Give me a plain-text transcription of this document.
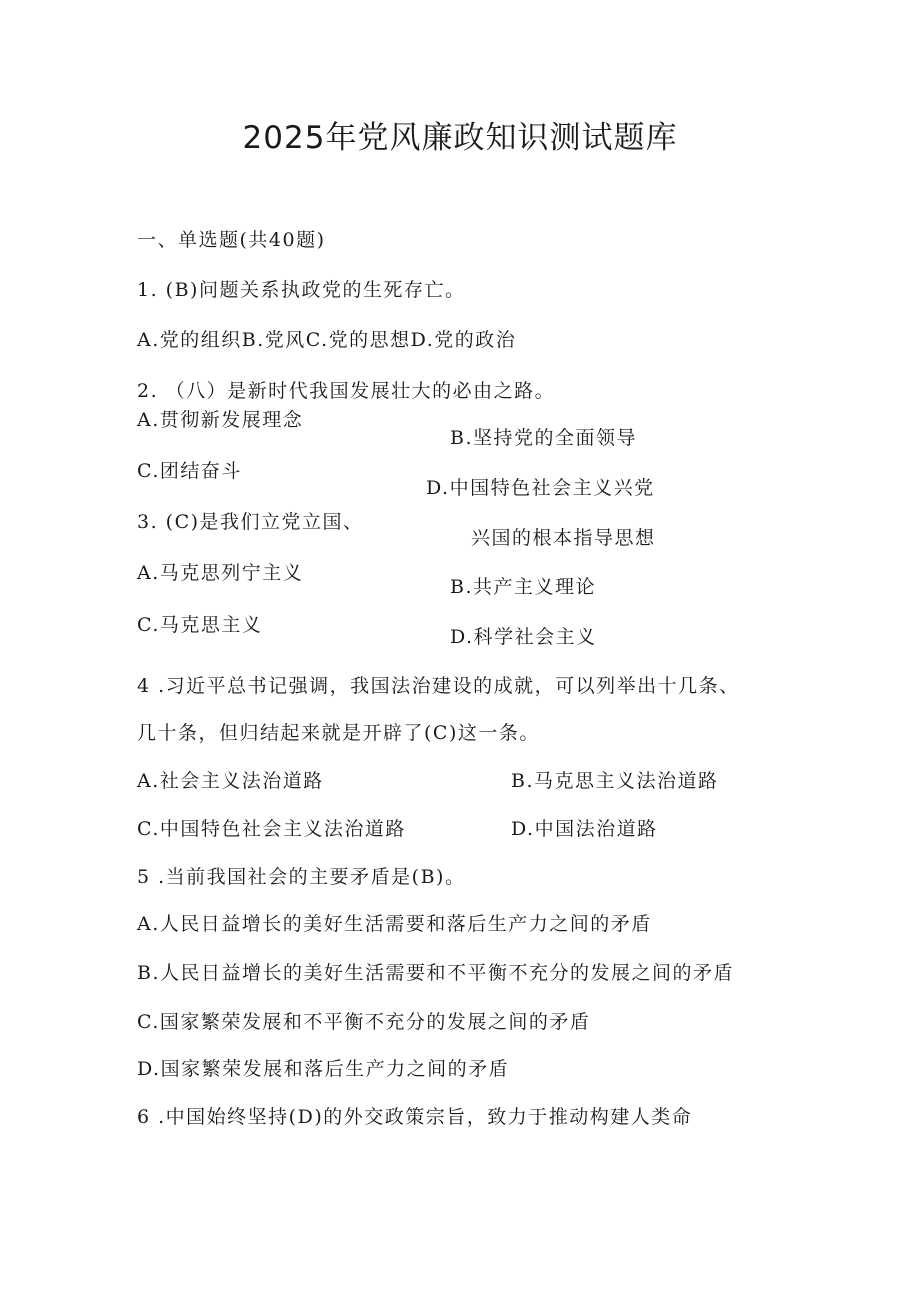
2025年党风廉政知识测试题库
一、单选题(共40题)
1. (B)问题关系执政党的生死存亡。
A.党的组织B.党风C.党的思想D.党的政治
2. （八）是新时代我国发展壮大的必由之路。
A.贯彻新发展理念
B.坚持党的全面领导
C.团结奋斗
D.中国特色社会主义兴党
3. (C)是我们立党立国、
兴国的根本指导思想
A.马克思列宁主义
B.共产主义理论
C.马克思主义
D.科学社会主义
4 .习近平总书记强调，我国法治建设的成就，可以列举出十几条、
几十条，但归结起来就是开辟了(C)这一条。
A.社会主义法治道路	B.马克思主义法治道路
C.中国特色社会主义法治道路	D.中国法治道路
5 .当前我国社会的主要矛盾是(B)。
A.人民日益增长的美好生活需要和落后生产力之间的矛盾
B.人民日益增长的美好生活需要和不平衡不充分的发展之间的矛盾
C.国家繁荣发展和不平衡不充分的发展之间的矛盾
D.国家繁荣发展和落后生产力之间的矛盾
6 .中国始终坚持(D)的外交政策宗旨，致力于推动构建人类命
